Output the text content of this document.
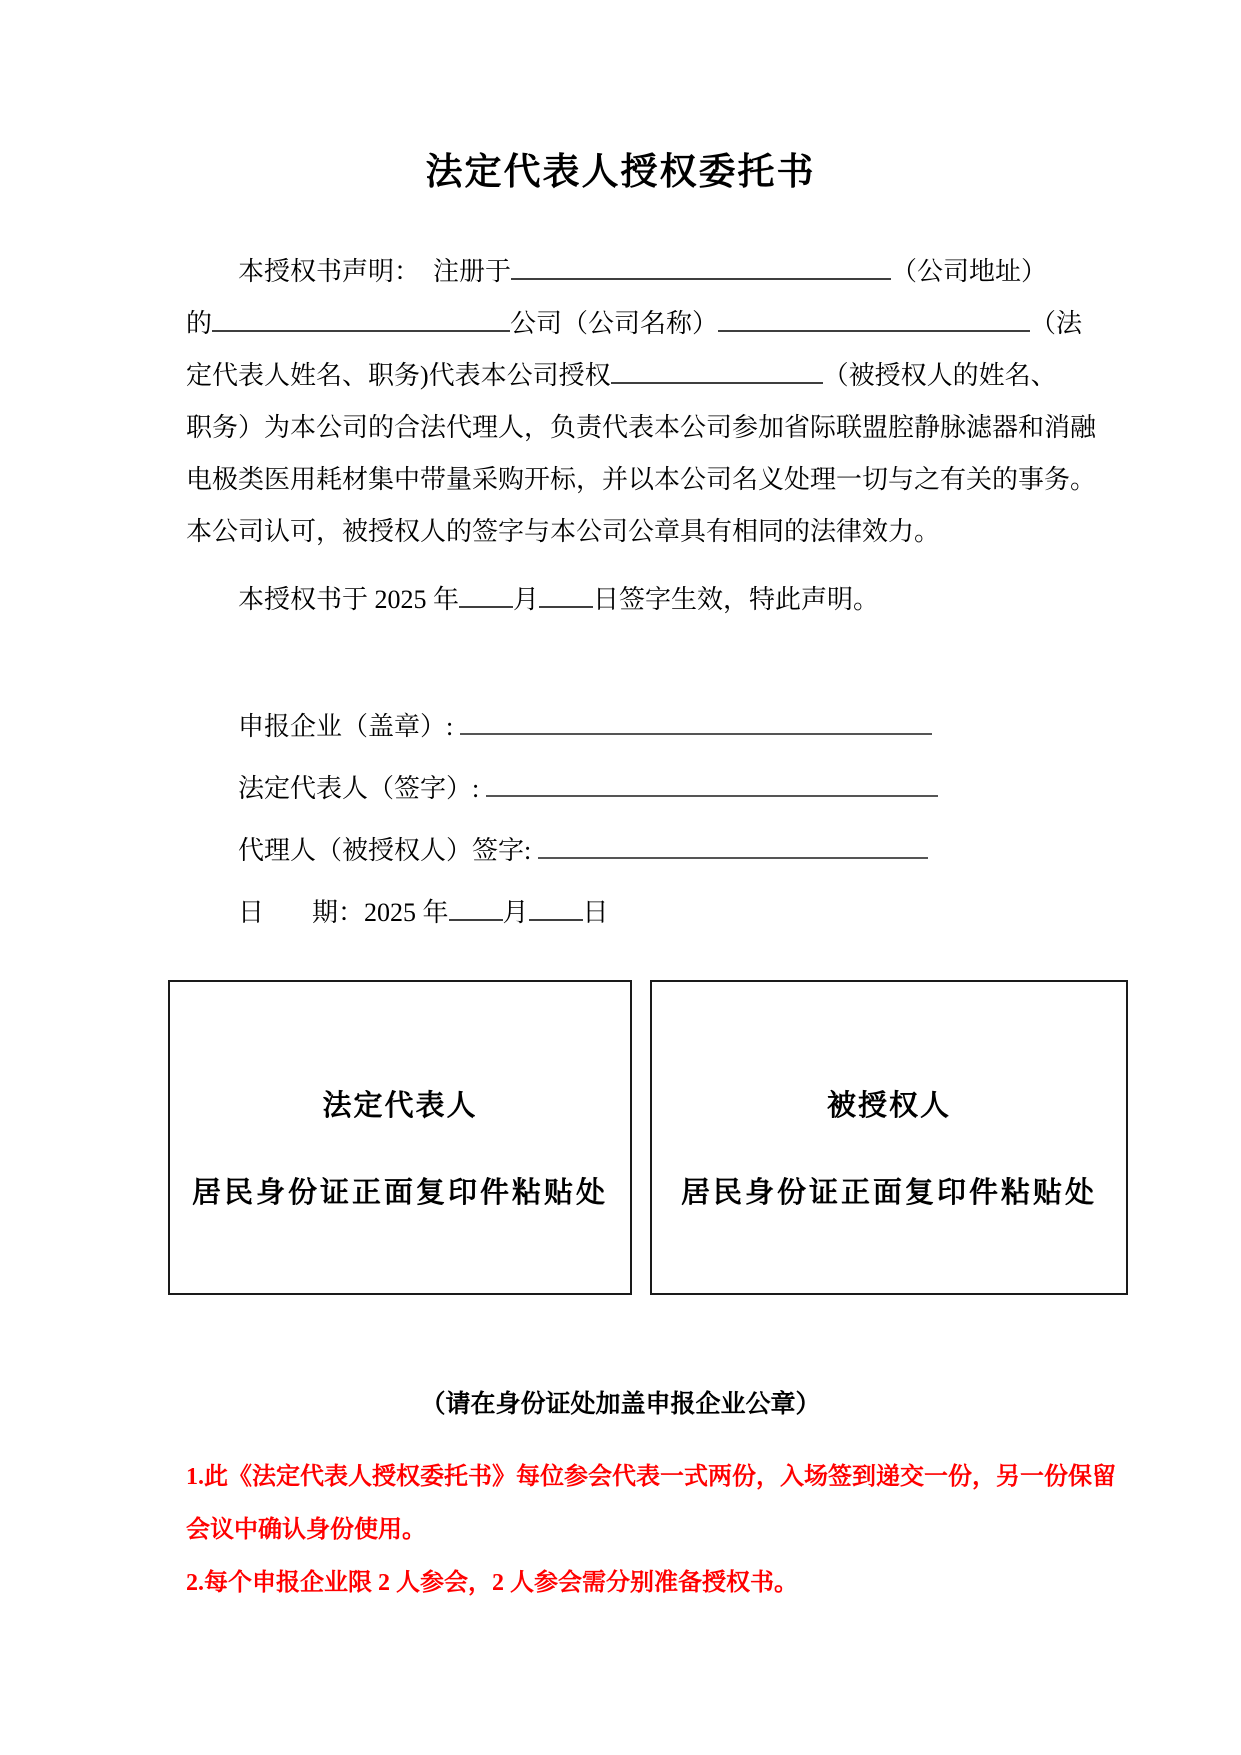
法定代表人授权委托书
本授权书声明：　注册于	（公司地址）
的	公司（公司名称）	（法
定代表人姓名、职务)代表本公司授权	（被授权人的姓名、
职务）为本公司的合法代理人，负责代表本公司参加省际联盟腔静脉滤器和消融
电极类医用耗材集中带量采购开标，并以本公司名义处理一切与之有关的事务。
本公司认可，被授权人的签字与本公司公章具有相同的法律效力。
本授权书于 2025 年 月 日签字生效，特此声明。
申报企业（盖章）:
法定代表人（签字）:
代理人（被授权人）签字:
日 期：2025 年 月 日
法定代表人
居民身份证正面复印件粘贴处
被授权人
居民身份证正面复印件粘贴处
（请在身份证处加盖申报企业公章）
1.此《法定代表人授权委托书》每位参会代表一式两份，入场签到递交一份，另一份保留
会议中确认身份使用。
2.每个申报企业限 2 人参会，2 人参会需分别准备授权书。
